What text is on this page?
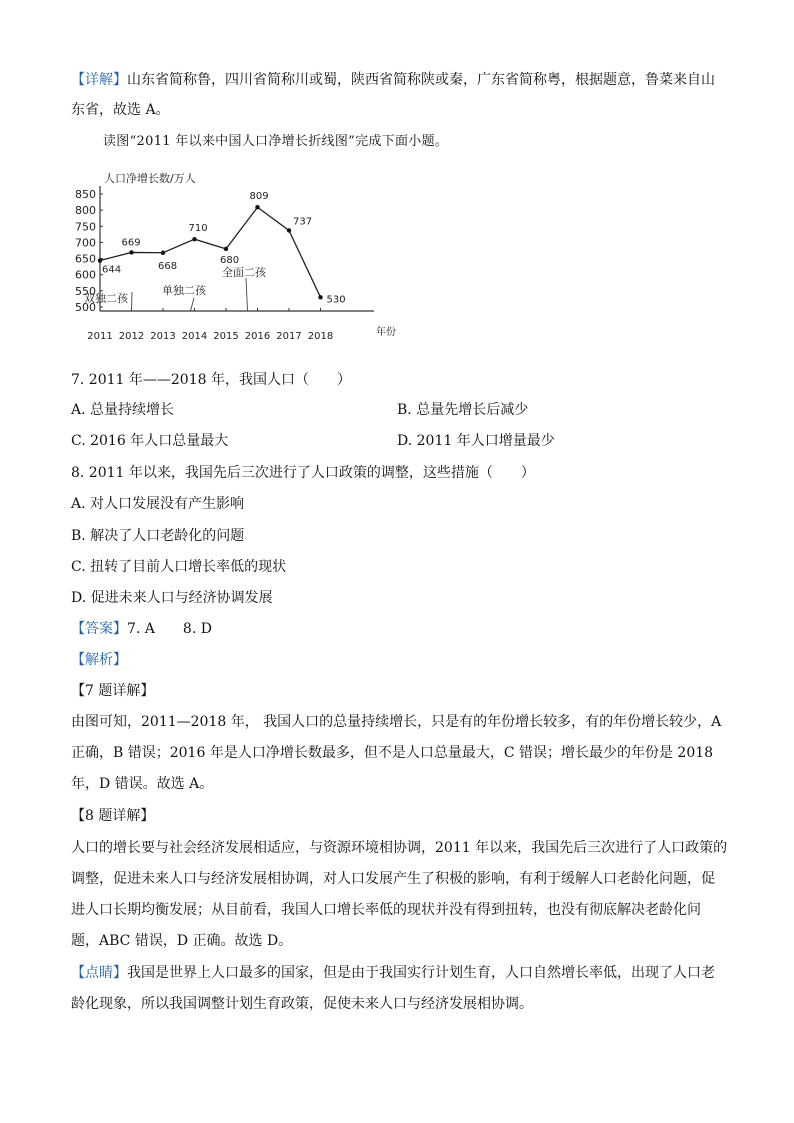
【详解】山东省简称鲁，四川省简称川或蜀，陕西省简称陕或秦，广东省简称粤，根据题意，鲁菜来自山
东省，故选 A。
读图“2011 年以来中国人口净增长折线图”完成下面小题。
人口净增长数/万人
年份
850
800
750
700
650
600
550
500
2011 2012 2013 2014 2015 2016 2017 2018
644
669
668
710
680
809
737
530
双独二孩
单独二孩
全面二孩
7. 2011 年——2018 年，我国人口（　　）
A. 总量持续增长	B. 总量先增长后减少
C. 2016 年人口总量最大	D. 2011 年人口增量最少
8. 2011 年以来，我国先后三次进行了人口政策的调整，这些措施（　　）
A. 对人口发展没有产生影响
B. 解决了人口老龄化的问题
C. 扭转了目前人口增长率低的现状
D. 促进未来人口与经济协调发展
【答案】7. A　　8. D
【解析】
【7 题详解】
由图可知，2011—2018 年， 我国人口的总量持续增长，只是有的年份增长较多，有的年份增长较少，A
正确，B 错误；2016 年是人口净增长数最多，但不是人口总量最大，C 错误；增长最少的年份是 2018
年，D 错误。故选 A。
【8 题详解】
人口的增长要与社会经济发展相适应，与资源环境相协调，2011 年以来，我国先后三次进行了人口政策的
调整，促进未来人口与经济发展相协调，对人口发展产生了积极的影响，有利于缓解人口老龄化问题，促
进人口长期均衡发展；从目前看，我国人口增长率低的现状并没有得到扭转，也没有彻底解决老龄化问
题，ABC 错误，D 正确。故选 D。
【点睛】我国是世界上人口最多的国家，但是由于我国实行计划生育，人口自然增长率低，出现了人口老
龄化现象，所以我国调整计划生育政策，促使未来人口与经济发展相协调。
